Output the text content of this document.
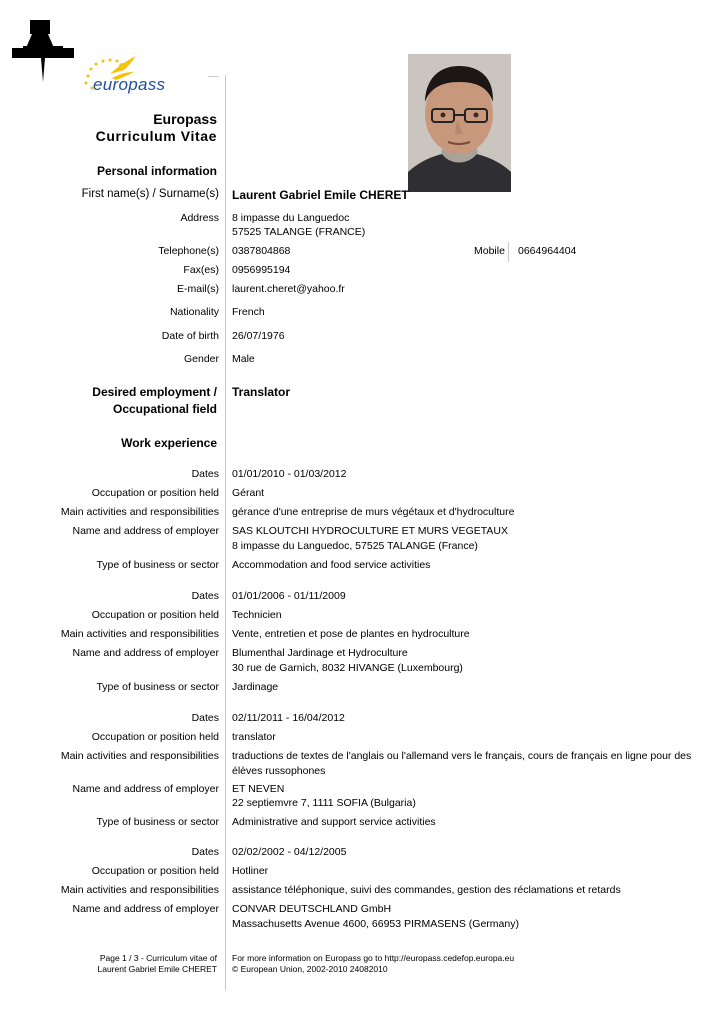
europass
Europass
Curriculum Vitae
Personal information
First name(s) / Surname(s) Laurent Gabriel Emile CHERET
Address 8 impasse du Languedoc
57525 TALANGE (FRANCE)
Telephone(s) 0387804868	Mobile 0664964404
Fax(es) 0956995194
E-mail(s) laurent.cheret@yahoo.fr
Nationality French
Date of birth 26/07/1976
Gender Male
Desired employment /
Occupational field
Translator
Work experience
Dates 01/01/2010 - 01/03/2012
Occupation or position held Gérant
Main activities and responsibilities gérance d'une entreprise de murs végétaux et d'hydroculture
Name and address of employer SAS KLOUTCHI HYDROCULTURE ET MURS VEGETAUX
8 impasse du Languedoc, 57525 TALANGE (France)
Type of business or sector Accommodation and food service activities
Dates 01/01/2006 - 01/11/2009
Occupation or position held Technicien
Main activities and responsibilities Vente, entretien et pose de plantes en hydroculture
Name and address of employer Blumenthal Jardinage et Hydroculture
30 rue de Garnich, 8032 HIVANGE (Luxembourg)
Type of business or sector Jardinage
Dates 02/11/2011 - 16/04/2012
Occupation or position held translator
Main activities and responsibilities traductions de textes de l'anglais ou l'allemand vers le français, cours de français en ligne pour des
élèves russophones
Name and address of employer ET NEVEN
22 septiemvre 7, 1111 SOFIA (Bulgaria)
Type of business or sector Administrative and support service activities
Dates 02/02/2002 - 04/12/2005
Occupation or position held Hotliner
Main activities and responsibilities assistance téléphonique, suivi des commandes, gestion des réclamations et retards
Name and address of employer CONVAR DEUTSCHLAND GmbH
Massachusetts Avenue 4600, 66953 PIRMASENS (Germany)
Page 1 / 3 - Curriculum vitae of
Laurent Gabriel Emile CHERET
For more information on Europass go to http://europass.cedefop.europa.eu
© European Union, 2002-2010 24082010
